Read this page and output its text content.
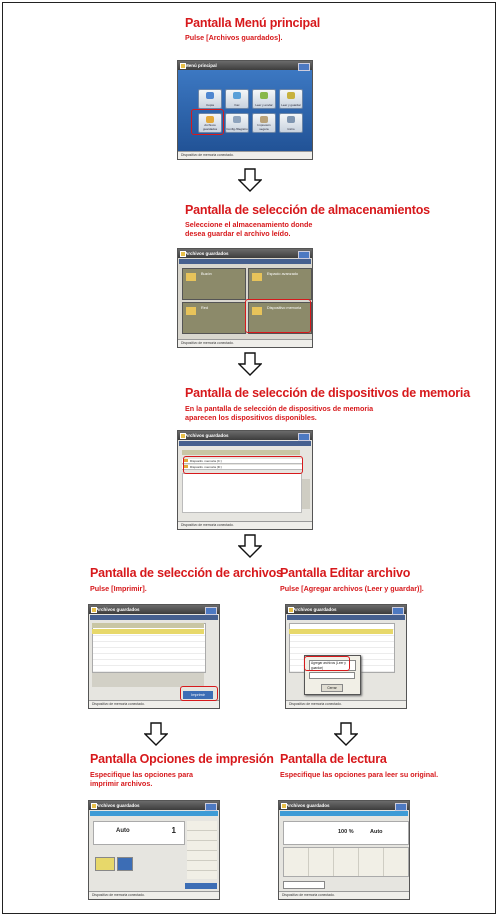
Pantalla Menú principal
Pulse [Archivos guardados].
Menú principal
Copia	Fax	Leer y enviar	Leer y guardar
Archivos guardados	Config./Registro
Impresión segura	Inicio
Dispositivo de memoria conectado.
Pantalla de selección de almacenamientos
Seleccione el almacenamiento donde
desea guardar el archivo leído.
Archivos guardados
Buzón	Espacio avanzado
Red	Dispositivo memoria
Dispositivo de memoria conectado.
Pantalla de selección de dispositivos de memoria
En la pantalla de selección de dispositivos de memoria
aparecen los dispositivos disponibles.
Archivos guardados
Dispositiv. memoria (C:)
Dispositiv. memoria (D:)
Dispositivo de memoria conectado.
Pantalla de selección de archivos
Pulse [Imprimir].
Archivos guardados
Imprimir
Dispositivo de memoria conectado.
Pantalla Editar archivo
Pulse [Agregar archivos (Leer y guardar)].
Archivos guardados
Agregar archivos (Leer y guardar)
Cerrar
Dispositivo de memoria conectado.
Pantalla Opciones de impresión
Especifique las opciones para
imprimir archivos.
Archivos guardados
Auto	1
Dispositivo de memoria conectado.
Pantalla de lectura
Especifique las opciones para leer su original.
Archivos guardados
100 %	Auto
Dispositivo de memoria conectado.
